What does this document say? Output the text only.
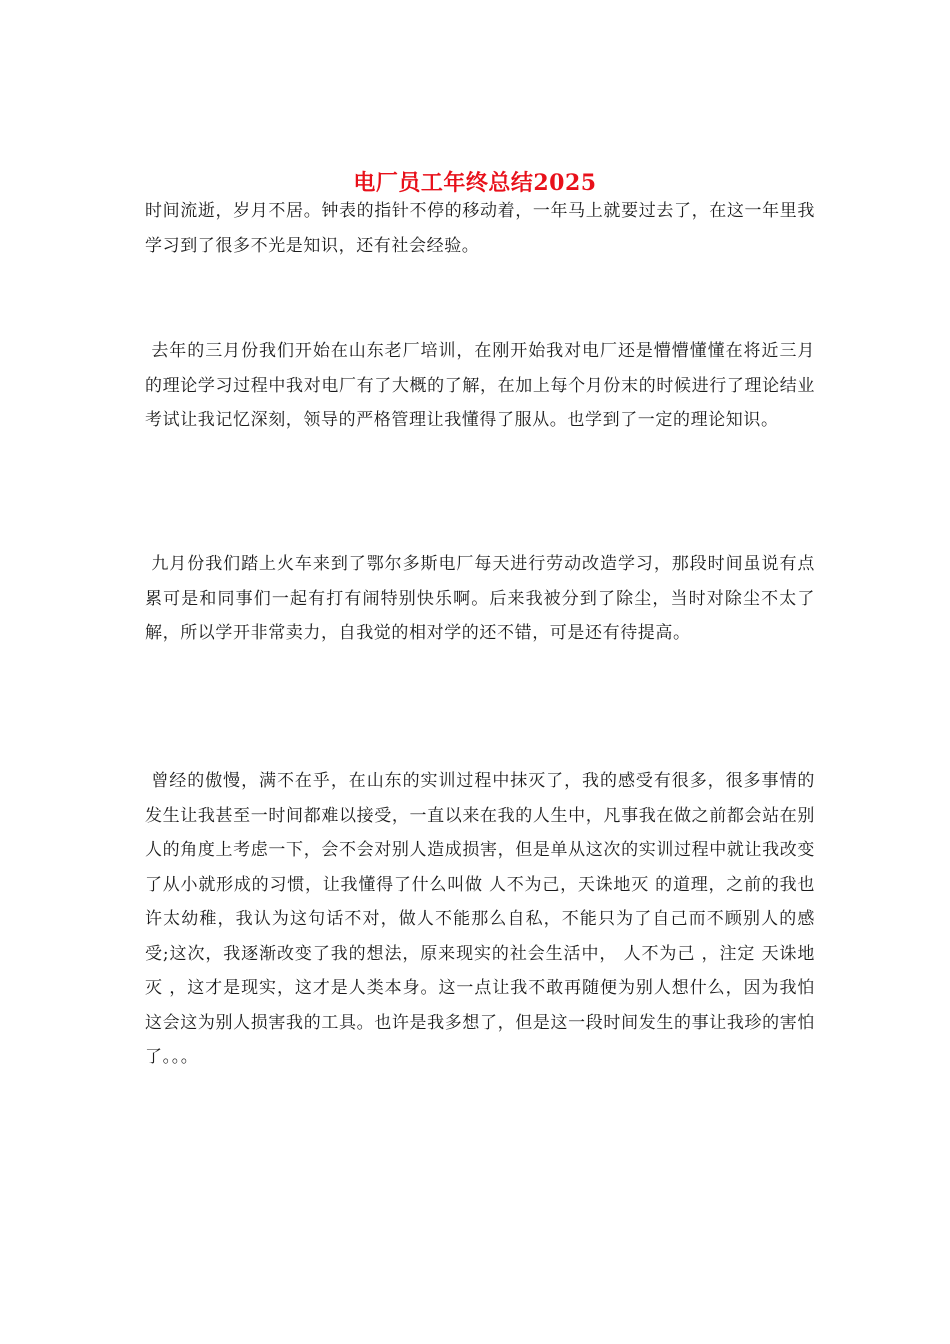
电厂员工年终总结2025

时间流逝，岁月不居。钟表的指针不停的移动着，一年马上就要过去了，在这一年里我学习到了很多不光是知识，还有社会经验。

去年的三月份我们开始在山东老厂培训，在刚开始我对电厂还是懵懵懂懂在将近三月的理论学习过程中我对电厂有了大概的了解，在加上每个月份末的时候进行了理论结业考试让我记忆深刻，领导的严格管理让我懂得了服从。也学到了一定的理论知识。

九月份我们踏上火车来到了鄂尔多斯电厂每天进行劳动改造学习，那段时间虽说有点累可是和同事们一起有打有闹特别快乐啊。后来我被分到了除尘，当时对除尘不太了解，所以学开非常卖力，自我觉的相对学的还不错，可是还有待提高。

曾经的傲慢，满不在乎，在山东的实训过程中抹灭了，我的感受有很多，很多事情的发生让我甚至一时间都难以接受，一直以来在我的人生中，凡事我在做之前都会站在别人的角度上考虑一下，会不会对别人造成损害，但是单从这次的实训过程中就让我改变了从小就形成的习惯，让我懂得了什么叫做 人不为己，天诛地灭 的道理，之前的我也许太幼稚，我认为这句话不对，做人不能那么自私，不能只为了自己而不顾别人的感受;这次，我逐渐改变了我的想法，原来现实的社会生活中， 人不为己 ，注定 天诛地灭 ，这才是现实，这才是人类本身。这一点让我不敢再随便为别人想什么，因为我怕这会这为别人损害我的工具。也许是我多想了，但是这一段时间发生的事让我珍的害怕了。。。
